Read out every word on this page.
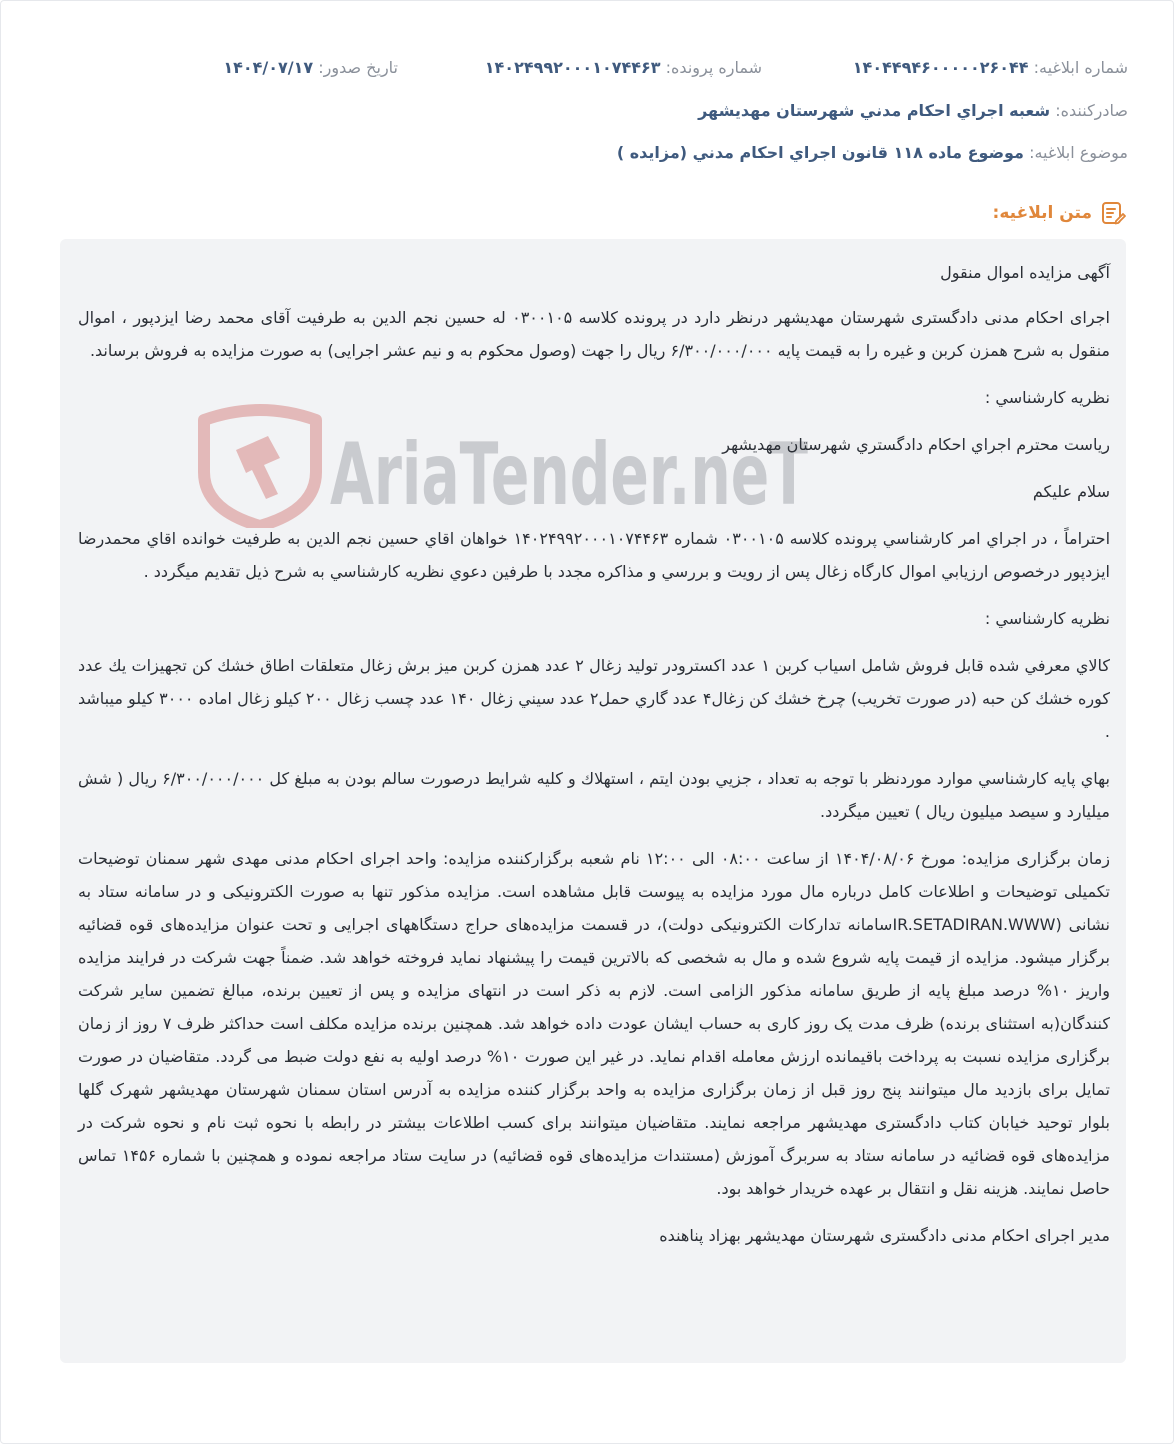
شماره ابلاغیه: ۱۴۰۴۴۹۴۶۰۰۰۰۰۲۶۰۴۴
شماره پرونده: ۱۴۰۲۴۹۹۲۰۰۰۱۰۷۴۴۶۳
تاریخ صدور: ۱۴۰۴/۰۷/۱۷
صادرکننده: شعبه اجراي احکام مدني شهرستان مهديشهر
موضوع ابلاغیه: موضوع ماده ۱۱۸ قانون اجراي احکام مدني (مزايده )
متن ابلاغیه:
AriaTender.neT

آگهی مزایده اموال منقول

اجرای احکام مدنی دادگستری شهرستان مهدیشهر درنظر دارد در پرونده کلاسه ۰۳۰۰۱۰۵ له حسین نجم الدین به طرفیت آقای محمد رضا ایزدپور ، اموال منقول به شرح همزن کربن و غیره را به قیمت پایه ۶/۳۰۰/۰۰۰/۰۰۰ ریال را جهت (وصول محکوم به و نیم عشر اجرایی) به صورت مزایده به فروش برساند.

نظريه کارشناسي :

رياست محترم اجراي احکام دادگستري شهرستان مهديشهر

سلام عليکم

احتراماً ، در اجراي امر کارشناسي پرونده کلاسه ۰۳۰۰۱۰۵ شماره ۱۴۰۲۴۹۹۲۰۰۰۱۰۷۴۴۶۳ خواهان اقاي حسين نجم الدين به طرفيت خوانده اقاي محمدرضا ايزدپور درخصوص ارزيابي اموال کارگاه زغال پس از رويت و بررسي و مذاکره مجدد با طرفين دعوي نظريه کارشناسي به شرح ذيل تقديم ميگردد .

نظريه کارشناسي :

کالاي معرفي شده قابل فروش شامل اسياب کربن ۱ عدد اکسترودر توليد زغال ۲ عدد همزن کربن ميز برش زغال متعلقات اطاق خشك کن تجهيزات يك عدد کوره خشك کن حبه (در صورت تخريب) چرخ خشك کن زغال۴ عدد گاري حمل۲ عدد سيني زغال ۱۴۰ عدد چسب زغال ۲۰۰ کيلو زغال اماده ۳۰۰۰ کيلو ميباشد .

بهاي پايه کارشناسي موارد موردنظر با توجه به تعداد ، جزيي بودن ايتم ، استهلاك و کليه شرايط درصورت سالم بودن به مبلغ کل ۶/۳۰۰/۰۰۰/۰۰۰ ريال ( شش ميليارد و سيصد ميليون ريال ) تعيين ميگردد.

زمان برگزاری مزایده: مورخ ۱۴۰۴/۰۸/۰۶ از ساعت ۰۸:۰۰ الی ۱۲:۰۰ نام شعبه برگزارکننده مزایده: واحد اجرای احکام مدنی مهدی شهر سمنان توضیحات تکمیلی توضیحات و اطلاعات کامل درباره مال مورد مزایده به پیوست قابل مشاهده است. مزایده مذکور تنها به صورت الکترونیکی و در سامانه ستاد به نشانی (IR.SETADIRAN.WWWسامانه تدارکات الکترونیکی دولت)، در قسمت مزایده‌های حراج دستگاههای اجرایی و تحت عنوان مزایده‌های قوه قضائیه برگزار میشود. مزایده از قیمت پایه شروع شده و مال به شخصی که بالاترین قیمت را پیشنهاد نماید فروخته خواهد شد. ضمناً جهت شرکت در فرایند مزایده واریز ۱۰% درصد مبلغ پایه از طریق سامانه مذکور الزامی است. لازم به ذکر است در انتهای مزایده و پس از تعیین برنده، مبالغ تضمین سایر شرکت کنندگان(به استثنای برنده) ظرف مدت یک روز کاری به حساب ایشان عودت داده خواهد شد. همچنین برنده مزایده مکلف است حداکثر ظرف ۷ روز از زمان برگزاری مزایده نسبت به پرداخت باقیمانده ارزش معامله اقدام نماید. در غیر این صورت ۱۰% درصد اولیه به نفع دولت ضبط می گردد. متقاضیان در صورت تمایل برای بازدید مال میتوانند پنج روز قبل از زمان برگزاری مزایده به واحد برگزار کننده مزایده به آدرس استان سمنان شهرستان مهدیشهر شهرک گلها بلوار توحید خیابان کتاب دادگستری مهدیشهر مراجعه نمایند. متقاضیان میتوانند برای کسب اطلاعات بیشتر در رابطه با نحوه ثبت نام و نحوه شرکت در مزایده‌های قوه قضائیه در سامانه ستاد به سربرگ آموزش (مستندات مزایده‌های قوه قضائیه) در سایت ستاد مراجعه نموده و همچنین با شماره ۱۴۵۶ تماس حاصل نمایند. هزینه نقل و انتقال بر عهده خریدار خواهد بود.

مدیر اجرای احکام مدنی دادگستری شهرستان مهدیشهر بهزاد پناهنده
